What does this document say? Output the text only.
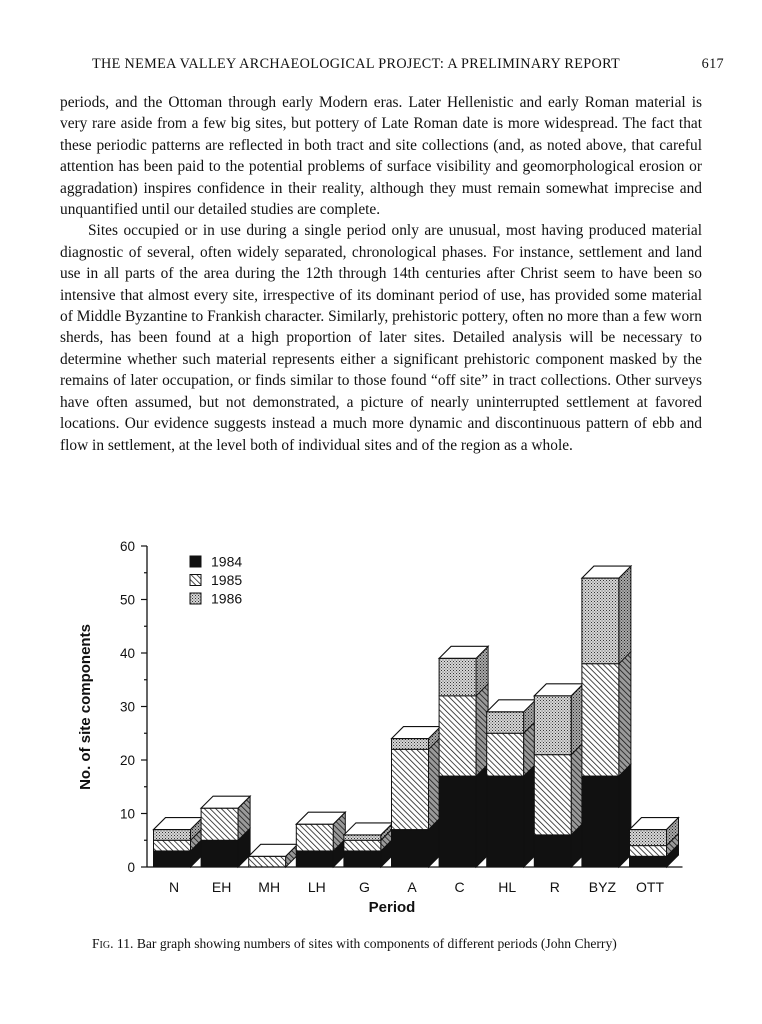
THE NEMEA VALLEY ARCHAEOLOGICAL PROJECT: A PRELIMINARY REPORT	617

periods, and the Ottoman through early Modern eras. Later Hellenistic and early Roman material is very rare aside from a few big sites, but pottery of Late Roman date is more widespread. The fact that these periodic patterns are reflected in both tract and site collections (and, as noted above, that careful attention has been paid to the potential problems of surface visibility and geomorphological erosion or aggradation) inspires confidence in their reality, although they must remain somewhat imprecise and unquantified until our detailed studies are complete.

Sites occupied or in use during a single period only are unusual, most having produced material diagnostic of several, often widely separated, chronological phases. For instance, settlement and land use in all parts of the area during the 12th through 14th centuries after Christ seem to have been so intensive that almost every site, irrespective of its dominant period of use, has provided some material of Middle Byzantine to Frankish character. Similarly, prehistoric pottery, often no more than a few worn sherds, has been found at a high proportion of later sites. Detailed analysis will be necessary to determine whether such material represents either a significant prehistoric component masked by the remains of later occupation, or finds similar to those found “off site” in tract collections. Other surveys have often assumed, but not demonstrated, a picture of nearly uninterrupted settlement at favored locations. Our evidence suggests instead a much more dynamic and discontinuous pattern of ebb and flow in settlement, at the level both of individual sites and of the region as a whole.

0
10
20
30
40
50
60
N EH MH LH G	A	C HL R BYZ OTT
1984
1985
1986
No. of site components
Period
Fig. 11. Bar graph showing numbers of sites with components of different periods (John Cherry)
